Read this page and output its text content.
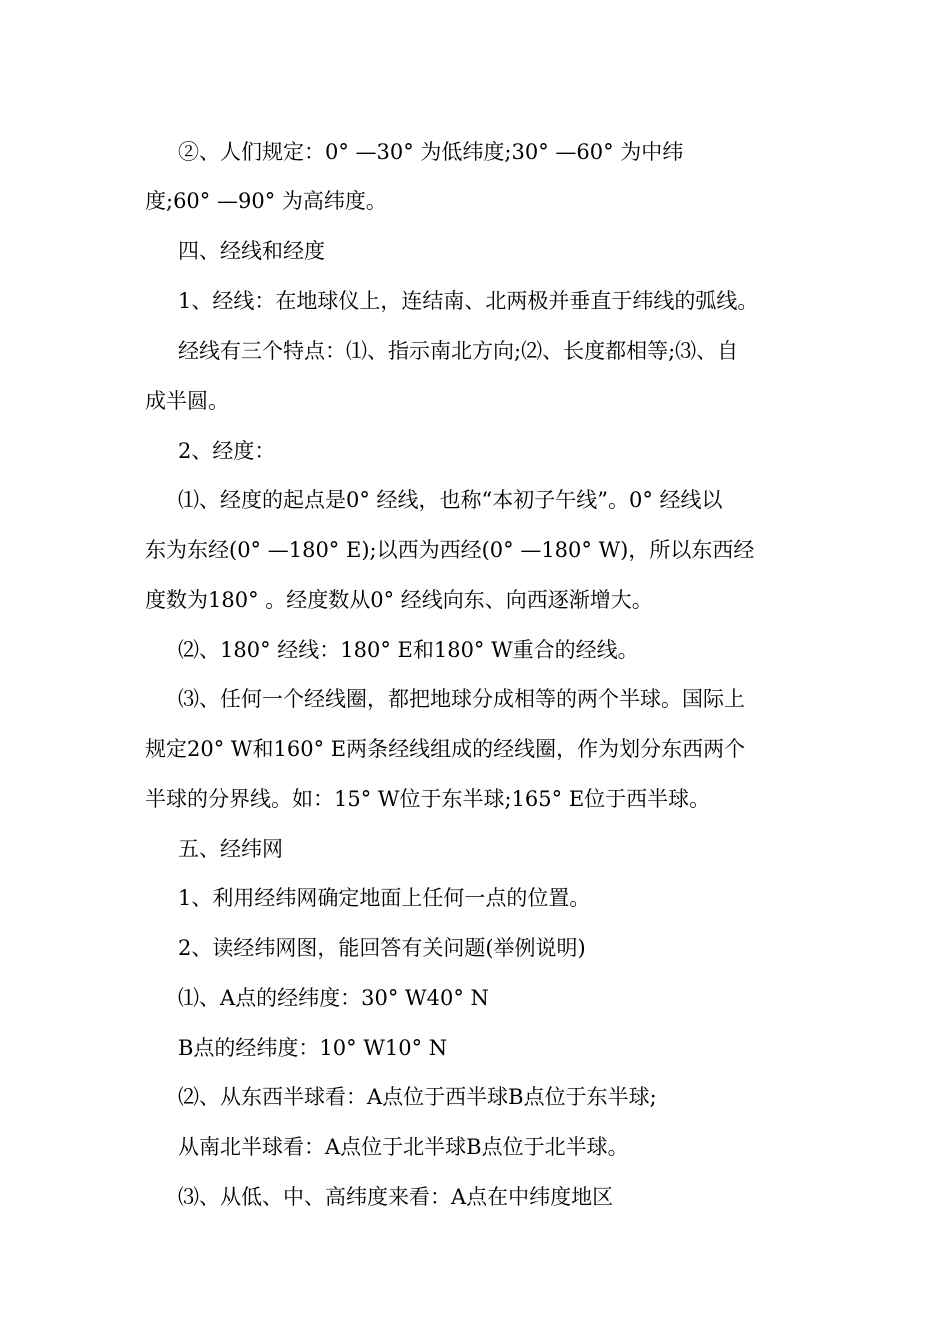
②、人们规定：0° —30° 为低纬度;30° —60° 为中纬
度;60° —90° 为高纬度。
四、经线和经度
1、经线：在地球仪上，连结南、北两极并垂直于纬线的弧线。
经线有三个特点：⑴、指示南北方向;⑵、长度都相等;⑶、自
成半圆。
2、经度：
⑴、经度的起点是0° 经线，也称“本初子午线”。0° 经线以
东为东经(0° —180° E);以西为西经(0° —180° W)，所以东西经
度数为180° 。经度数从0° 经线向东、向西逐渐增大。
⑵、180° 经线：180° E和180° W重合的经线。
⑶、任何一个经线圈，都把地球分成相等的两个半球。国际上
规定20° W和160° E两条经线组成的经线圈，作为划分东西两个
半球的分界线。如：15° W位于东半球;165° E位于西半球。
五、经纬网
1、利用经纬网确定地面上任何一点的位置。
2、读经纬网图，能回答有关问题(举例说明)
⑴、A点的经纬度：30° W40° N
B点的经纬度：10° W10° N
⑵、从东西半球看：A点位于西半球B点位于东半球;
从南北半球看：A点位于北半球B点位于北半球。
⑶、从低、中、高纬度来看：A点在中纬度地区
